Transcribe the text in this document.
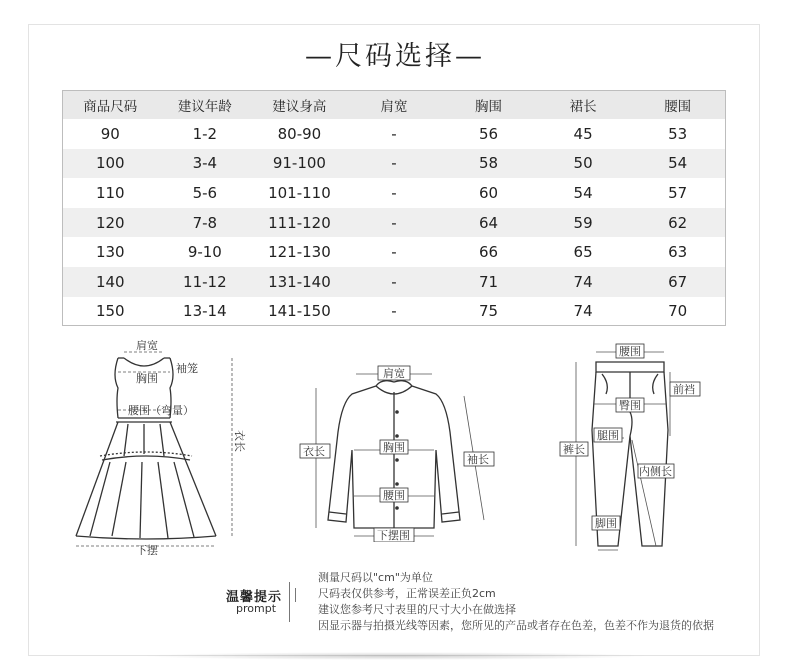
—尺码选择—
商品尺码	建议年龄	建议身高	肩宽	胸围	裙长	腰围
90	1-2	80-90	-	56	45	53
100	3-4	91-100	-	58	50	54
110	5-6	101-110	-	60	54	57
120	7-8	111-120	-	64	59	62
130	9-10	121-130	-	66	65	63
140	11-12	131-140	-	71	74	67
150	13-14	141-150	-	75	74	70
肩宽
胸围
袖笼
腰围（弯量）
下摆
衣长
肩宽
胸围
腰围
下摆围
衣长
袖长
腰围
前裆
臀围
腿围
裤长
内侧长
脚围
温馨提示
prompt
测量尺码以"cm"为单位
尺码表仅供参考，正常误差正负2cm
建议您参考尺寸表里的尺寸大小在做选择
因显示器与拍摄光线等因素，您所见的产品或者存在色差，色差不作为退货的依据
